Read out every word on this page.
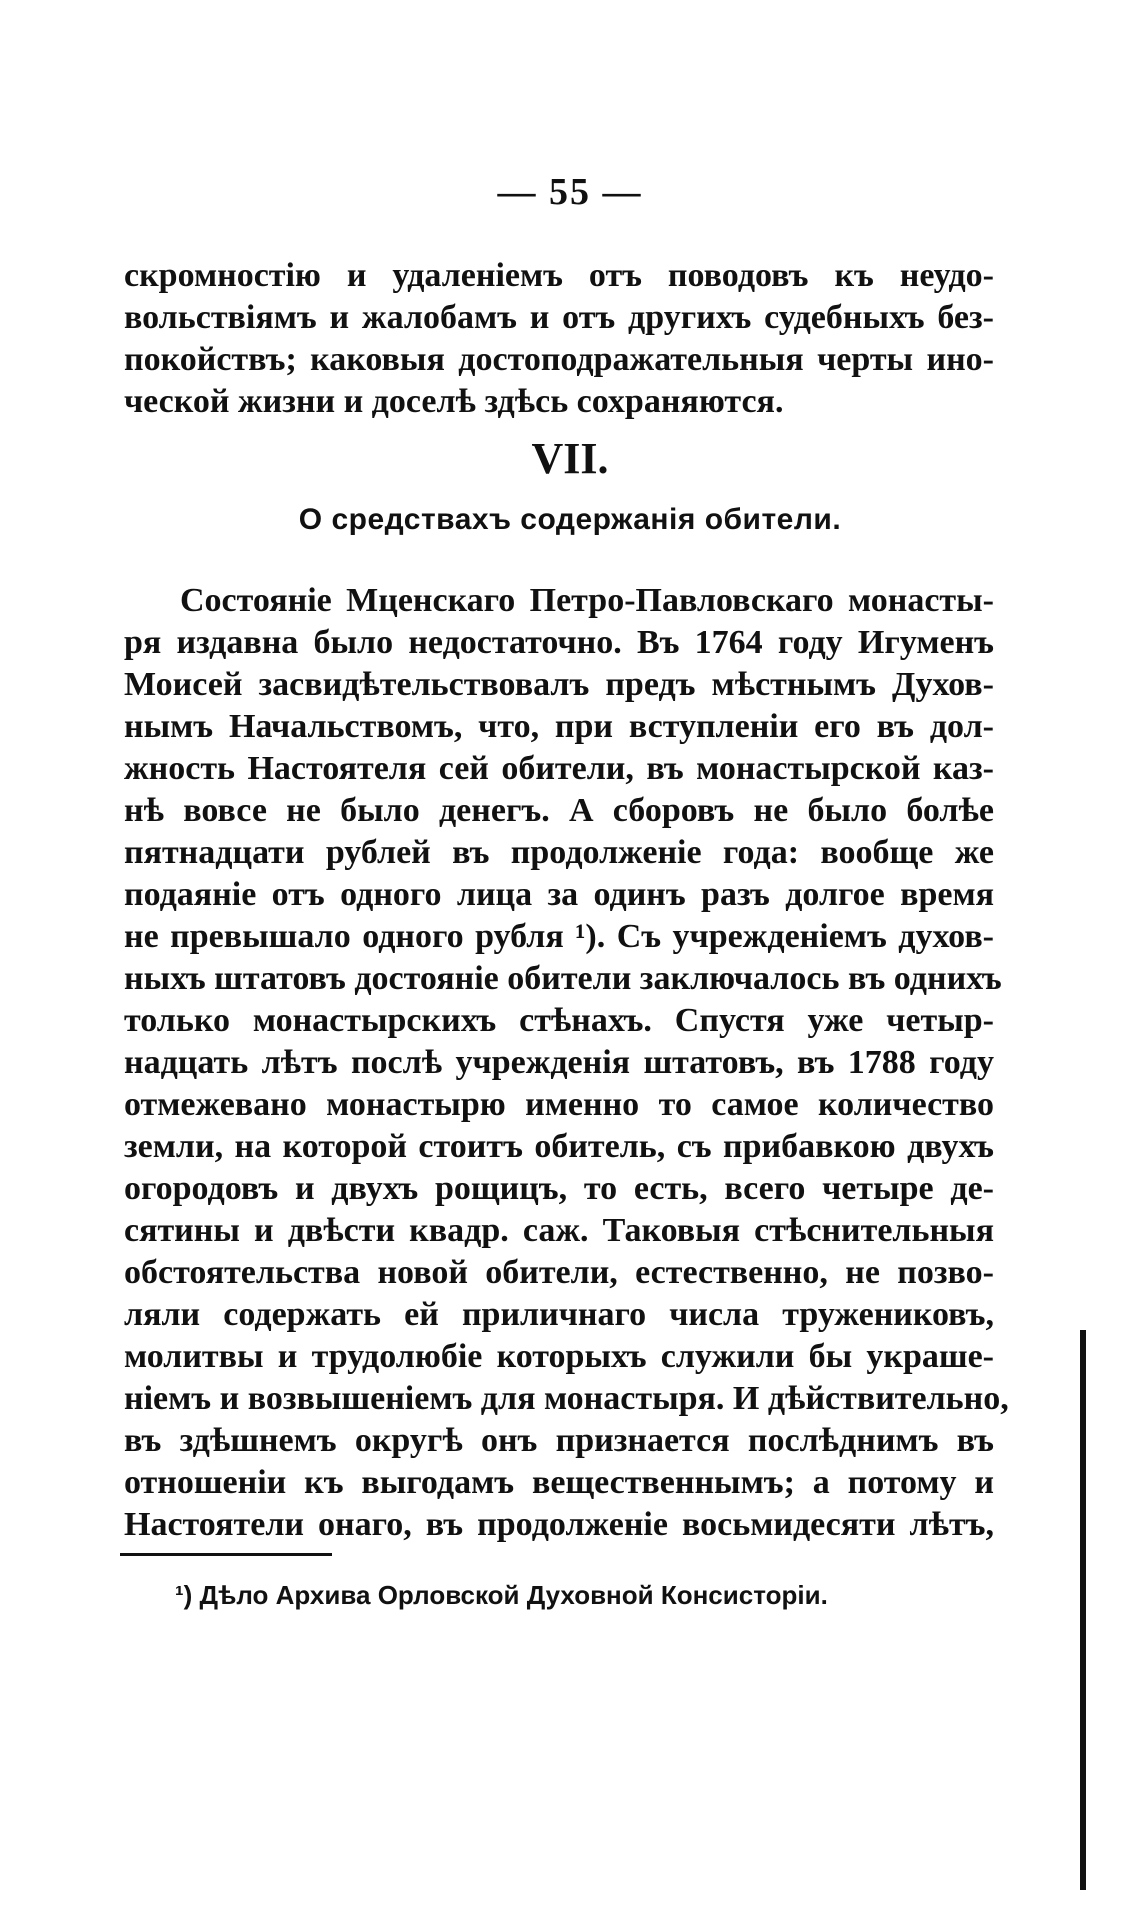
— 55 —
скромностію и удаленіемъ отъ поводовъ къ неудо-
вольствіямъ и жалобамъ и отъ другихъ судебныхъ без-
покойствъ; каковыя достоподражательныя черты ино-
ческой жизни и доселѣ здѣсь сохраняются.
VII.
О средствахъ содержанія обители.
Состояніе Мценскаго Петро-Павловскаго монасты-
ря издавна было недостаточно. Въ 1764 году Игуменъ
Моисей засвидѣтельствовалъ предъ мѣстнымъ Духов-
нымъ Начальствомъ, что, при вступленіи его въ дол-
жность Настоятеля сей обители, въ монастырской каз-
нѣ вовсе не было денегъ. А сборовъ не было болѣе
пятнадцати рублей въ продолженіе года: вообще же
подаяніе отъ одного лица за одинъ разъ долгое время
не превышало одного рубля ¹). Съ учрежденіемъ духов-
ныхъ штатовъ достояніе обители заключалось въ однихъ
только монастырскихъ стѣнахъ. Спустя уже четыр-
надцать лѣтъ послѣ учрежденія штатовъ, въ 1788 году
отмежевано монастырю именно то самое количество
земли, на которой стоитъ обитель, съ прибавкою двухъ
огородовъ и двухъ рощицъ, то есть, всего четыре де-
сятины и двѣсти квадр. саж. Таковыя стѣснительныя
обстоятельства новой обители, естественно, не позво-
ляли содержать ей приличнаго числа тружениковъ,
молитвы и трудолюбіе которыхъ служили бы украше-
ніемъ и возвышеніемъ для монастыря. И дѣйствительно,
въ здѣшнемъ округѣ онъ признается послѣднимъ въ
отношеніи къ выгодамъ вещественнымъ; а потому и
Настоятели онаго, въ продолженіе восьмидесяти лѣтъ,
¹) Дѣло Архива Орловской Духовной Консисторіи.
